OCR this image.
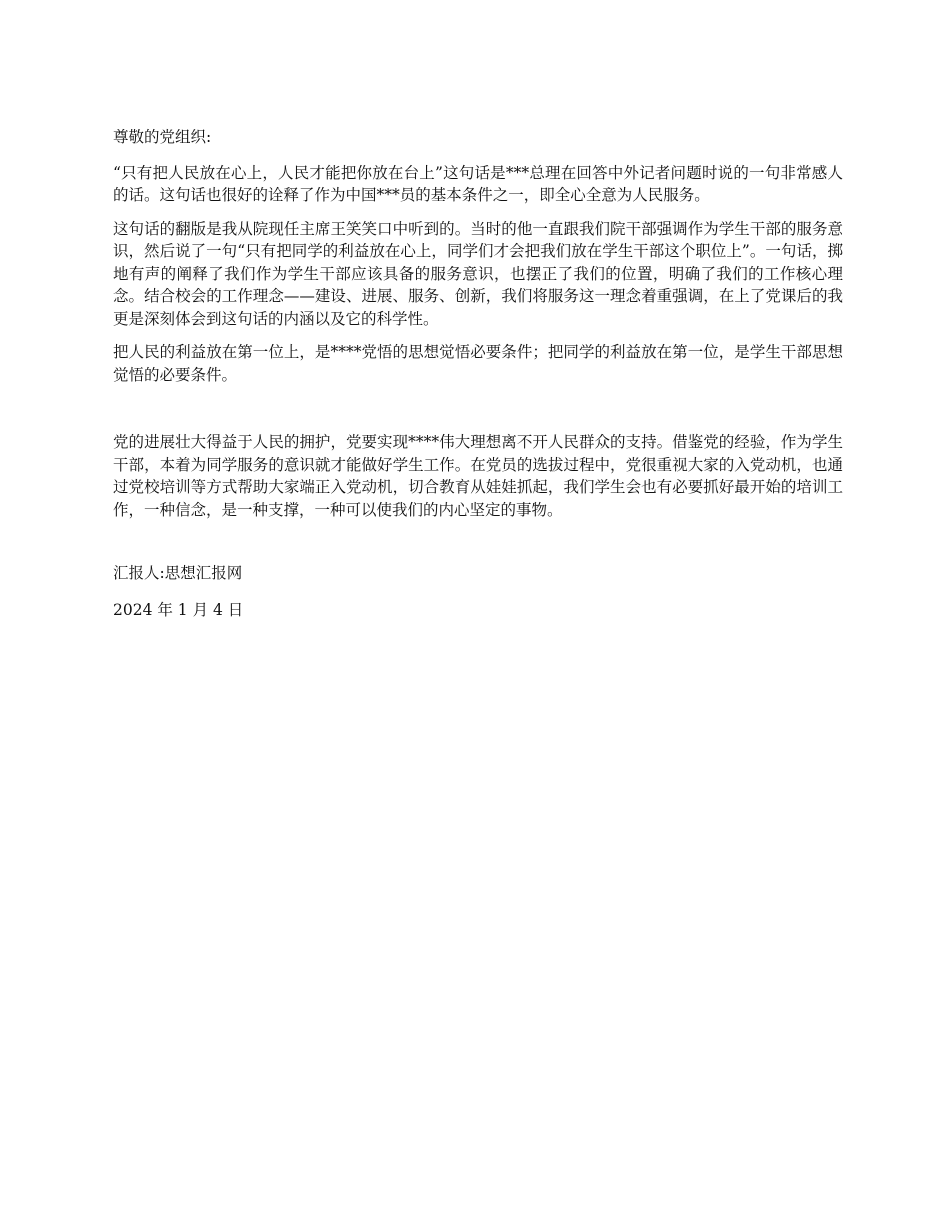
尊敬的党组织:

“只有把人民放在心上，人民才能把你放在台上”这句话是***总理在回答中外记者问题时说的一句非常感人的话。这句话也很好的诠释了作为中国***员的基本条件之一，即全心全意为人民服务。

这句话的翻版是我从院现任主席王笑笑口中听到的。当时的他一直跟我们院干部强调作为学生干部的服务意识，然后说了一句“只有把同学的利益放在心上，同学们才会把我们放在学生干部这个职位上”。一句话，掷地有声的阐释了我们作为学生干部应该具备的服务意识，也摆正了我们的位置，明确了我们的工作核心理念。结合校会的工作理念——建设、进展、服务、创新，我们将服务这一理念着重强调，在上了党课后的我更是深刻体会到这句话的内涵以及它的科学性。

把人民的利益放在第一位上，是****党悟的思想觉悟必要条件；把同学的利益放在第一位，是学生干部思想觉悟的必要条件。

党的进展壮大得益于人民的拥护，党要实现****伟大理想离不开人民群众的支持。借鉴党的经验，作为学生干部，本着为同学服务的意识就才能做好学生工作。在党员的选拔过程中，党很重视大家的入党动机，也通过党校培训等方式帮助大家端正入党动机，切合教育从娃娃抓起，我们学生会也有必要抓好最开始的培训工作，一种信念，是一种支撑，一种可以使我们的内心坚定的事物。

汇报人:思想汇报网

2024 年 1 月 4 日
